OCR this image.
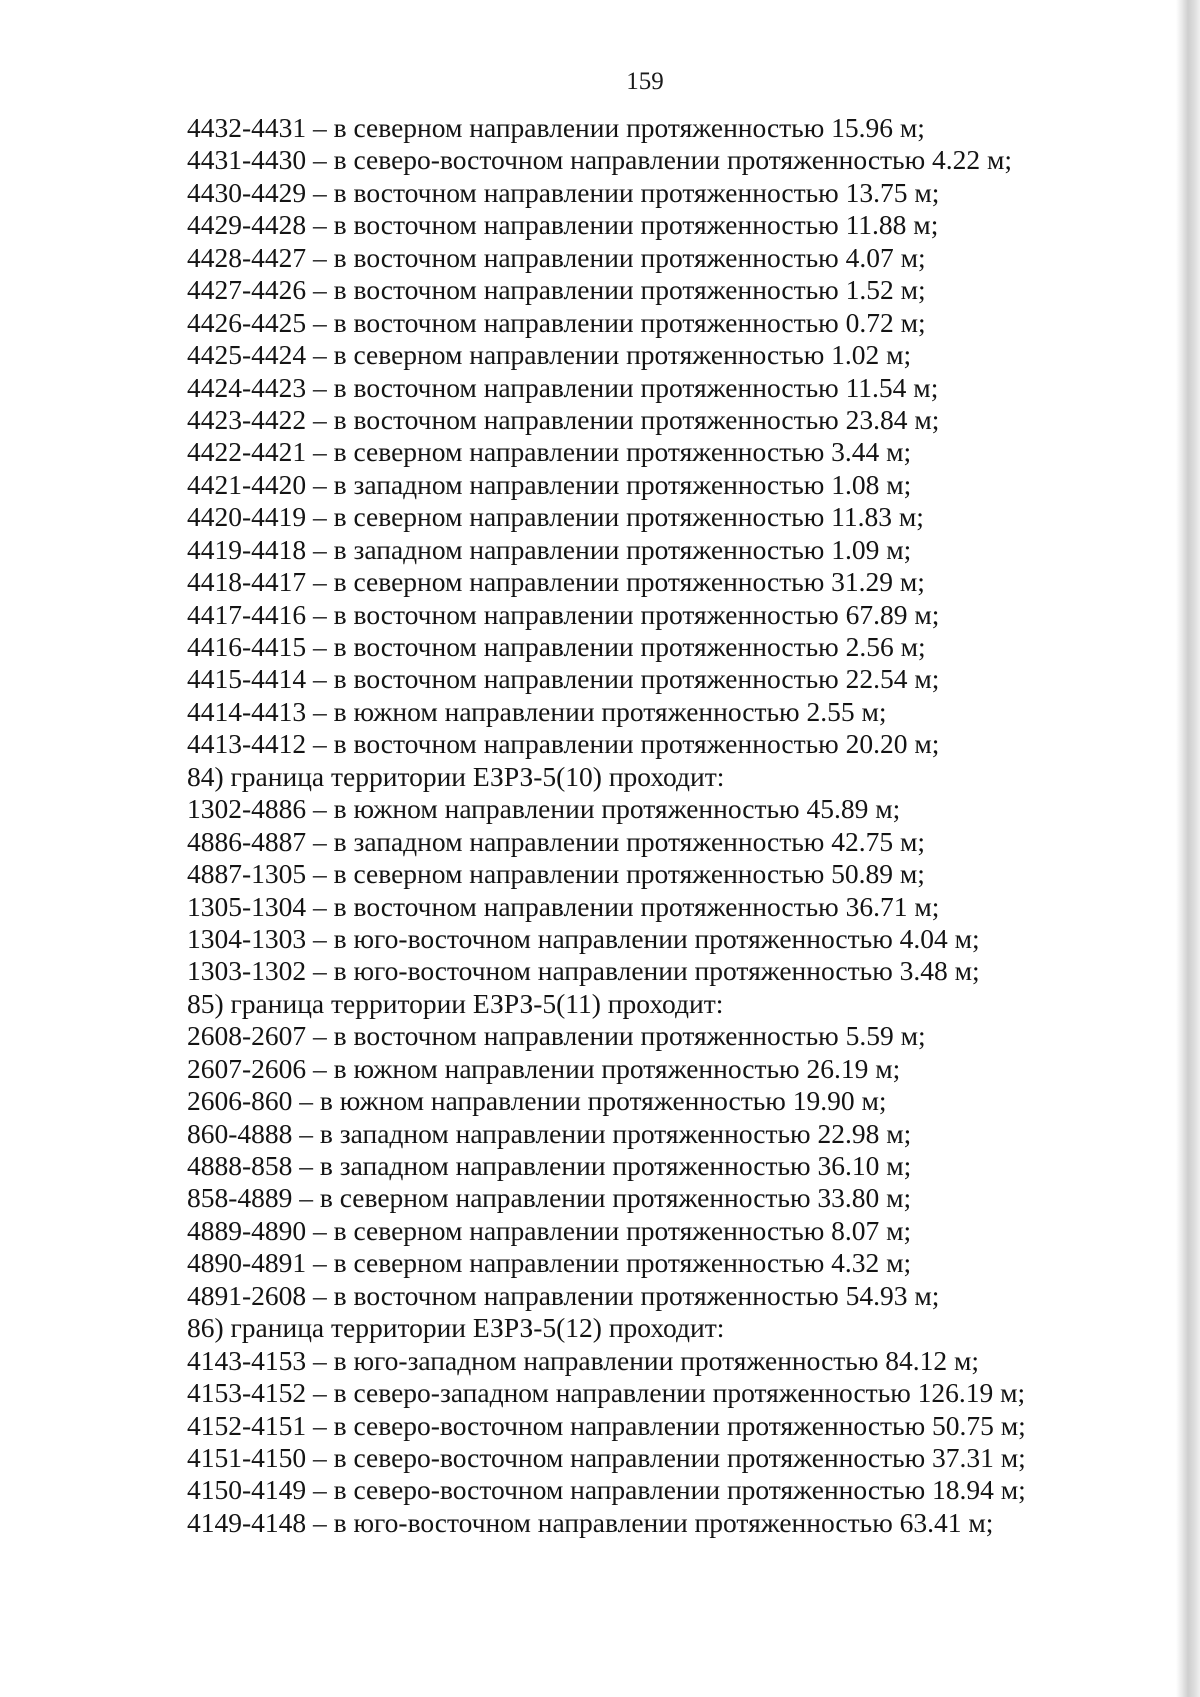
159
4432-4431 – в северном направлении протяженностью 15.96 м;
4431-4430 – в северо-восточном направлении протяженностью 4.22 м;
4430-4429 – в восточном направлении протяженностью 13.75 м;
4429-4428 – в восточном направлении протяженностью 11.88 м;
4428-4427 – в восточном направлении протяженностью 4.07 м;
4427-4426 – в восточном направлении протяженностью 1.52 м;
4426-4425 – в восточном направлении протяженностью 0.72 м;
4425-4424 – в северном направлении протяженностью 1.02 м;
4424-4423 – в восточном направлении протяженностью 11.54 м;
4423-4422 – в восточном направлении протяженностью 23.84 м;
4422-4421 – в северном направлении протяженностью 3.44 м;
4421-4420 – в западном направлении протяженностью 1.08 м;
4420-4419 – в северном направлении протяженностью 11.83 м;
4419-4418 – в западном направлении протяженностью 1.09 м;
4418-4417 – в северном направлении протяженностью 31.29 м;
4417-4416 – в восточном направлении протяженностью 67.89 м;
4416-4415 – в восточном направлении протяженностью 2.56 м;
4415-4414 – в восточном направлении протяженностью 22.54 м;
4414-4413 – в южном направлении протяженностью 2.55 м;
4413-4412 – в восточном направлении протяженностью 20.20 м;
84) граница территории ЕЗРЗ-5(10) проходит:
1302-4886 – в южном направлении протяженностью 45.89 м;
4886-4887 – в западном направлении протяженностью 42.75 м;
4887-1305 – в северном направлении протяженностью 50.89 м;
1305-1304 – в восточном направлении протяженностью 36.71 м;
1304-1303 – в юго-восточном направлении протяженностью 4.04 м;
1303-1302 – в юго-восточном направлении протяженностью 3.48 м;
85) граница территории ЕЗРЗ-5(11) проходит:
2608-2607 – в восточном направлении протяженностью 5.59 м;
2607-2606 – в южном направлении протяженностью 26.19 м;
2606-860 – в южном направлении протяженностью 19.90 м;
860-4888 – в западном направлении протяженностью 22.98 м;
4888-858 – в западном направлении протяженностью 36.10 м;
858-4889 – в северном направлении протяженностью 33.80 м;
4889-4890 – в северном направлении протяженностью 8.07 м;
4890-4891 – в северном направлении протяженностью 4.32 м;
4891-2608 – в восточном направлении протяженностью 54.93 м;
86) граница территории ЕЗРЗ-5(12) проходит:
4143-4153 – в юго-западном направлении протяженностью 84.12 м;
4153-4152 – в северо-западном направлении протяженностью 126.19 м;
4152-4151 – в северо-восточном направлении протяженностью 50.75 м;
4151-4150 – в северо-восточном направлении протяженностью 37.31 м;
4150-4149 – в северо-восточном направлении протяженностью 18.94 м;
4149-4148 – в юго-восточном направлении протяженностью 63.41 м;
